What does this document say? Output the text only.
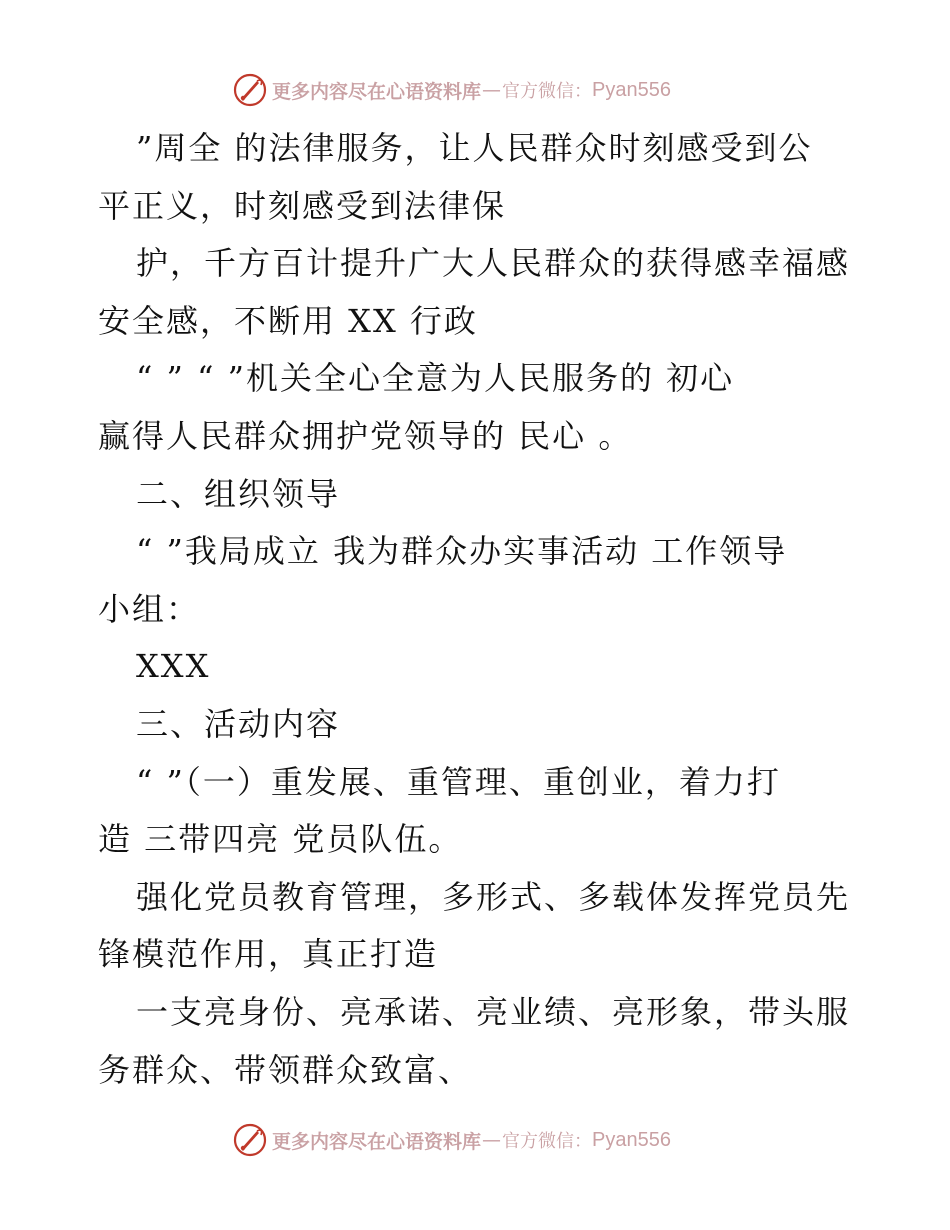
更多内容尽在心语资料库 — 官方微信： Pyan556
”周全 的法律服务，让人民群众时刻感受到公
平正义，时刻感受到法律保
护，千方百计提升广大人民群众的获得感幸福感
安全感，不断用 XX 行政
“ ” “ ”机关全心全意为人民服务的 初心
赢得人民群众拥护党领导的 民心 。
二、组织领导
“ ”我局成立 我为群众办实事活动 工作领导
小组：
XXX
三、活动内容
“ ”（一）重发展、重管理、重创业，着力打
造 三带四亮 党员队伍。
强化党员教育管理，多形式、多载体发挥党员先
锋模范作用，真正打造
一支亮身份、亮承诺、亮业绩、亮形象，带头服
务群众、带领群众致富、
更多内容尽在心语资料库 — 官方微信： Pyan556
